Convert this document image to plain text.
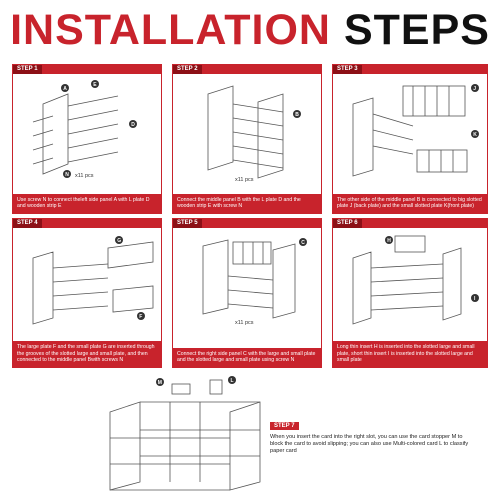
INSTALLATION STEPS
STEP 1
A
E
D
N x11 pcs
Use screw N to connect theleft side panel A with L plate D and wooden strip E
STEP 2
B
x11 pcs
Connect the middle panel B with the L plate D and the wooden strip E with screw N
STEP 3
J
K
The other side of the middle panel B is connected to big slotted plate J (back plate) and the small slotted plate K(front plate)
STEP 4
G
F
The large plate F and the small plate G are inserted through the grooves of the slotted large and small plate, and then connected to the middle panel Bwith screws N
STEP 5
C
x11 pcs
Connect the right side panel C with the large and small plate and the slotted large and small plate using screw N
STEP 6
H
I
Long thin insert H is inserted into the slotted large and small plate, short thin insert I is inserted into the slotted large and small plate
M	L
STEP 7
When you insert the card into the right slot, you can use the card stopper M to block the card to avoid slipping; you can also use Multi-colored card L to classify paper card
